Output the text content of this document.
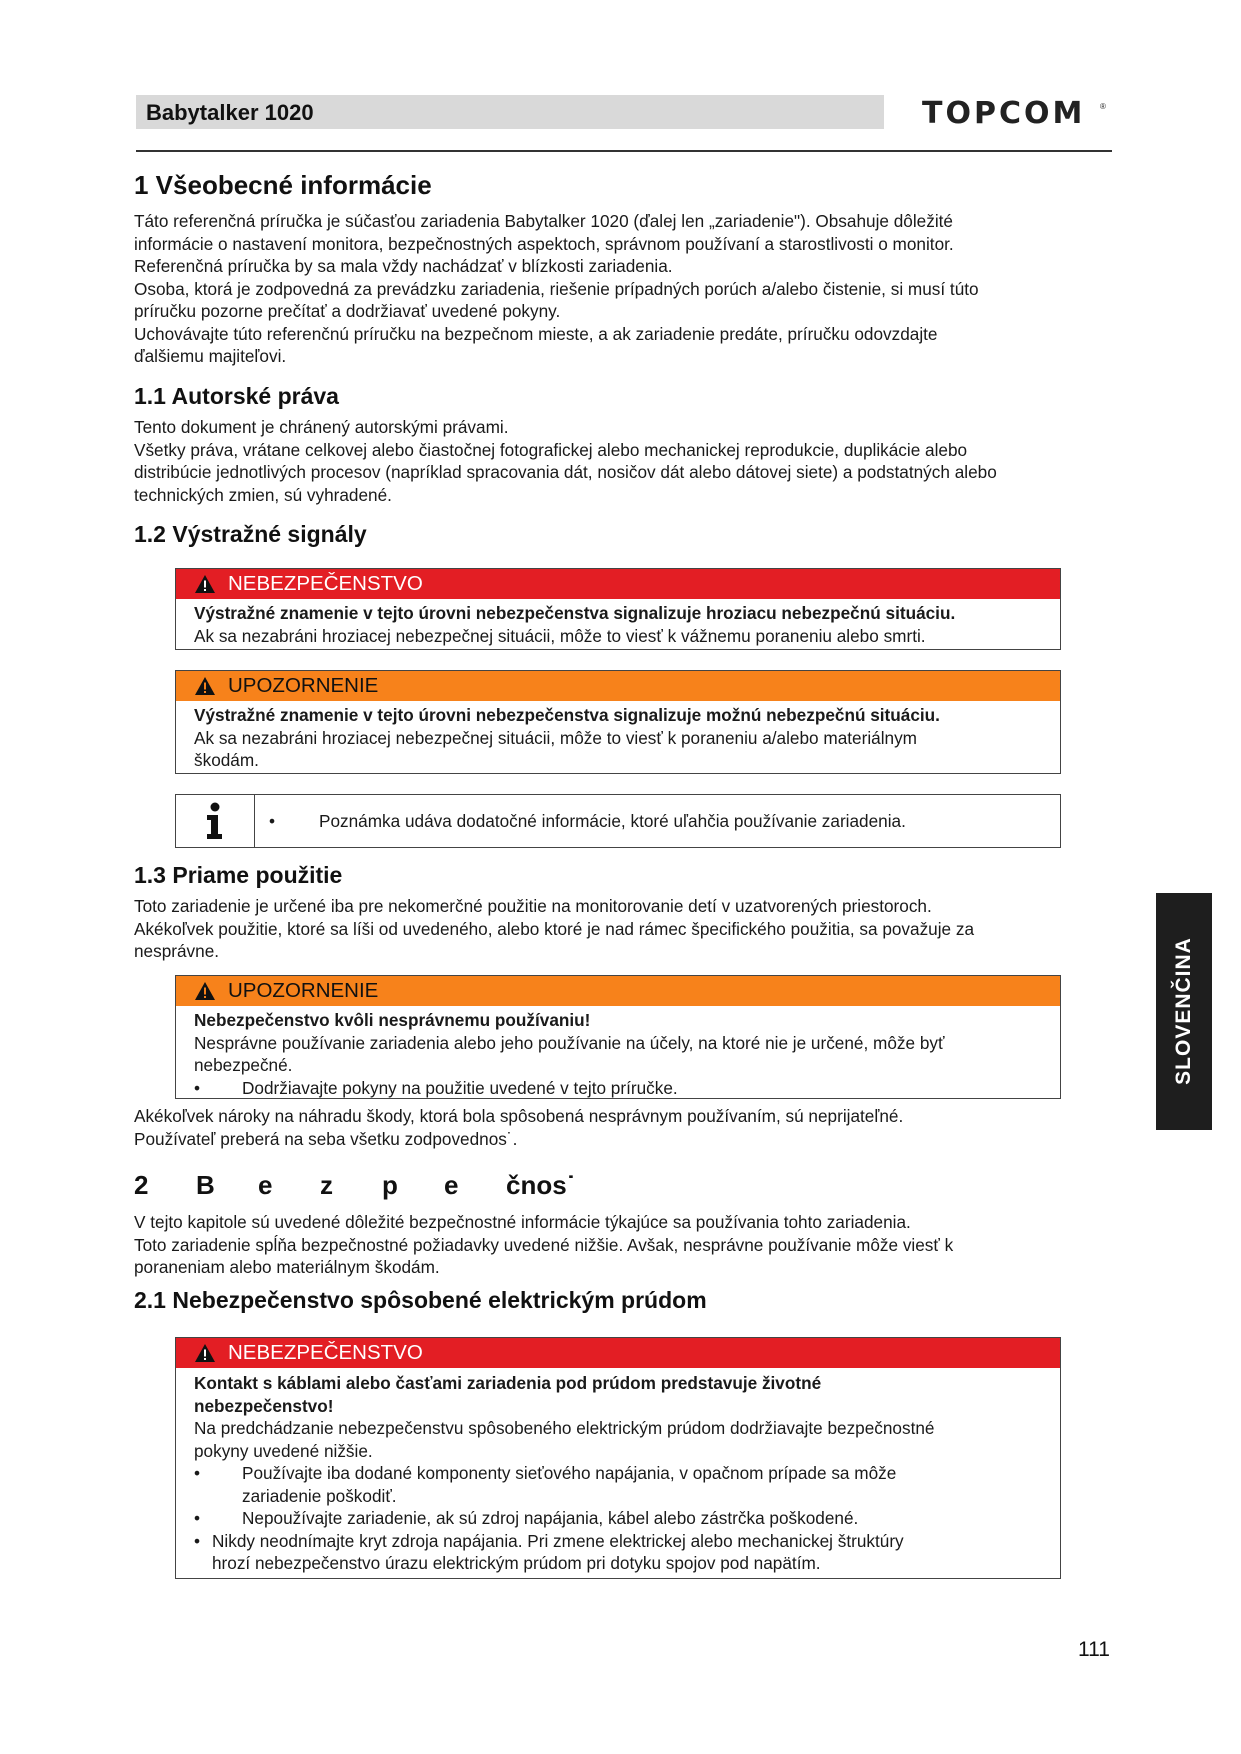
Babytalker 1020	TOPCOM ®
1 Všeobecné informácie
Táto referenčná príručka je súčasťou zariadenia Babytalker 1020 (ďalej len „zariadenie"). Obsahuje dôležité
informácie o nastavení monitora, bezpečnostných aspektoch, správnom používaní a starostlivosti o monitor.
Referenčná príručka by sa mala vždy nachádzať v blízkosti zariadenia.
Osoba, ktorá je zodpovedná za prevádzku zariadenia, riešenie prípadných porúch a/alebo čistenie, si musí túto
príručku pozorne prečítať a dodržiavať uvedené pokyny.
Uchovávajte túto referenčnú príručku na bezpečnom mieste, a ak zariadenie predáte, príručku odovzdajte
ďalšiemu majiteľovi.
1.1 Autorské práva
Tento dokument je chránený autorskými právami.
Všetky práva, vrátane celkovej alebo čiastočnej fotografickej alebo mechanickej reprodukcie, duplikácie alebo
distribúcie jednotlivých procesov (napríklad spracovania dát, nosičov dát alebo dátovej siete) a podstatných alebo
technických zmien, sú vyhradené.
1.2 Výstražné signály
NEBEZPEČENSTVO
Výstražné znamenie v tejto úrovni nebezpečenstva signalizuje hroziacu nebezpečnú situáciu.
Ak sa nezabráni hroziacej nebezpečnej situácii, môže to viesť k vážnemu poraneniu alebo smrti.
UPOZORNENIE
Výstražné znamenie v tejto úrovni nebezpečenstva signalizuje možnú nebezpečnú situáciu.
Ak sa nezabráni hroziacej nebezpečnej situácii, môže to viesť k poraneniu a/alebo materiálnym
škodám.
•	Poznámka udáva dodatočné informácie, ktoré uľahčia používanie zariadenia.
1.3 Priame použitie
Toto zariadenie je určené iba pre nekomerčné použitie na monitorovanie detí v uzatvorených priestoroch.
Akékoľvek použitie, ktoré sa líši od uvedeného, alebo ktoré je nad rámec špecifického použitia, sa považuje za
nesprávne.
UPOZORNENIE
Nebezpečenstvo kvôli nesprávnemu používaniu!
Nesprávne používanie zariadenia alebo jeho používanie na účely, na ktoré nie je určené, môže byť
nebezpečné.
•	Dodržiavajte pokyny na použitie uvedené v tejto príručke.
Akékoľvek nároky na náhradu škody, ktorá bola spôsobená nesprávnym používaním, sú neprijateľné.
Používateľ preberá na seba všetku zodpovednos˙.
2	B	e	z	p	e	čnos˙
V tejto kapitole sú uvedené dôležité bezpečnostné informácie týkajúce sa používania tohto zariadenia.
Toto zariadenie spĺňa bezpečnostné požiadavky uvedené nižšie. Avšak, nesprávne používanie môže viesť k
poraneniam alebo materiálnym škodám.
2.1 Nebezpečenstvo spôsobené elektrickým prúdom
NEBEZPEČENSTVO
Kontakt s káblami alebo časťami zariadenia pod prúdom predstavuje životné
nebezpečenstvo!
Na predchádzanie nebezpečenstvu spôsobeného elektrickým prúdom dodržiavajte bezpečnostné
pokyny uvedené nižšie.
•	Používajte iba dodané komponenty sieťového napájania, v opačnom prípade sa môže
zariadenie poškodiť.
•	Nepoužívajte zariadenie, ak sú zdroj napájania, kábel alebo zástrčka poškodené.
• Nikdy neodnímajte kryt zdroja napájania. Pri zmene elektrickej alebo mechanickej štruktúry
hrozí nebezpečenstvo úrazu elektrickým prúdom pri dotyku spojov pod napätím.
SLOVENČINA
111
